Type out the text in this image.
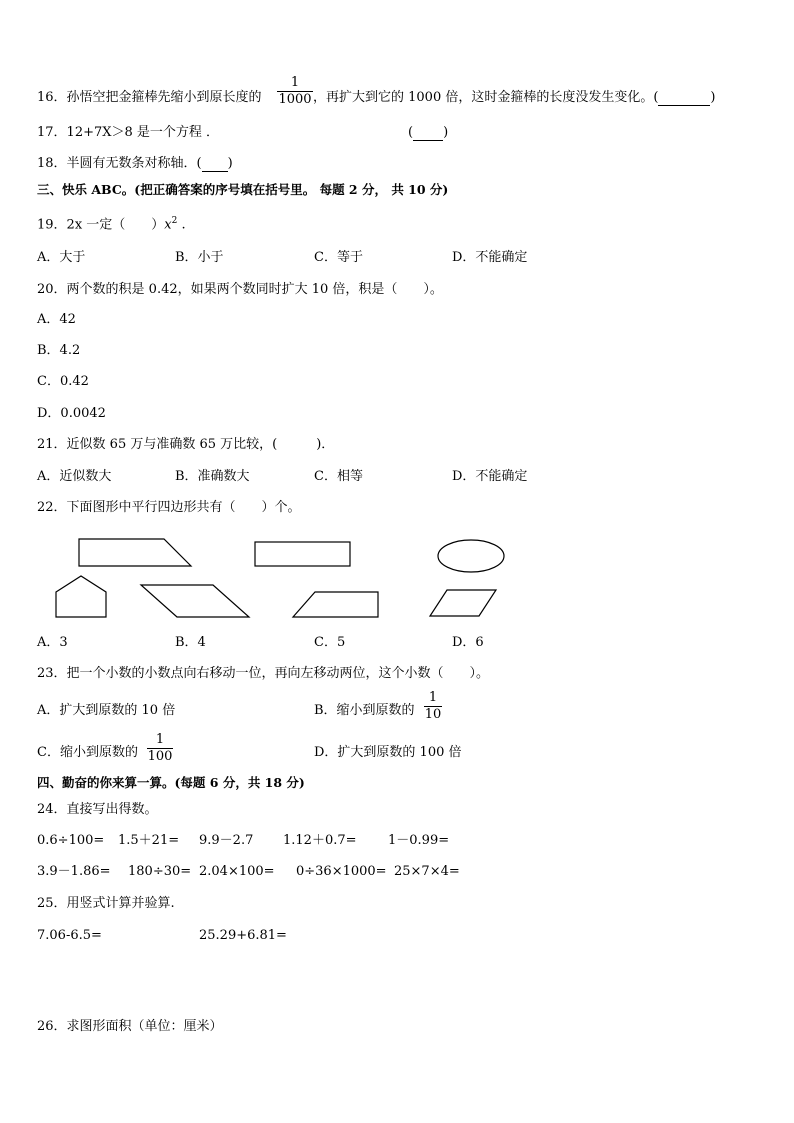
16．孙悟空把金箍棒先缩小到原长度的
1
1000 ，再扩大到它的 1000 倍，这时金箍棒的长度没发生变化。(	)
17．12+7X＞8 是一个方程 ．	( )
18．半圆有无数条对称轴．( )
三、快乐 ABC。(把正确答案的序号填在括号里。 每题 2 分， 共 10 分)
19．2x 一定（　　）$x^2$ .
A．大于	B．小于	C．等于	D．不能确定
20．两个数的积是 0.42，如果两个数同时扩大 10 倍，积是（　　）。
A．42
B．4.2
C．0.42
D．0.0042
21．近似数 65 万与准确数 65 万比较，(　　　)．
A．近似数大	B．准确数大	C．相等	D．不能确定
22．下面图形中平行四边形共有（　　）个。
A．3	B．4	C．5	D．6
23．把一个小数的小数点向右移动一位，再向左移动两位，这个小数（　　）。
A．扩大到原数的 10 倍	B．缩小到原数的
1
10
C．缩小到原数的
1
100	D．扩大到原数的 100 倍
四、勤奋的你来算一算。(每题 6 分，共 18 分)
24．直接写出得数。
0.6÷100= 1.5＋21= 9.9－2.7 1.12＋0.7= 1－0.99=
3.9－1.86= 180÷30= 2.04×100= 0÷36×1000= 25×7×4=
25．用竖式计算并验算.
7.06-6.5=	25.29+6.81=
26．求图形面积（单位：厘米）
